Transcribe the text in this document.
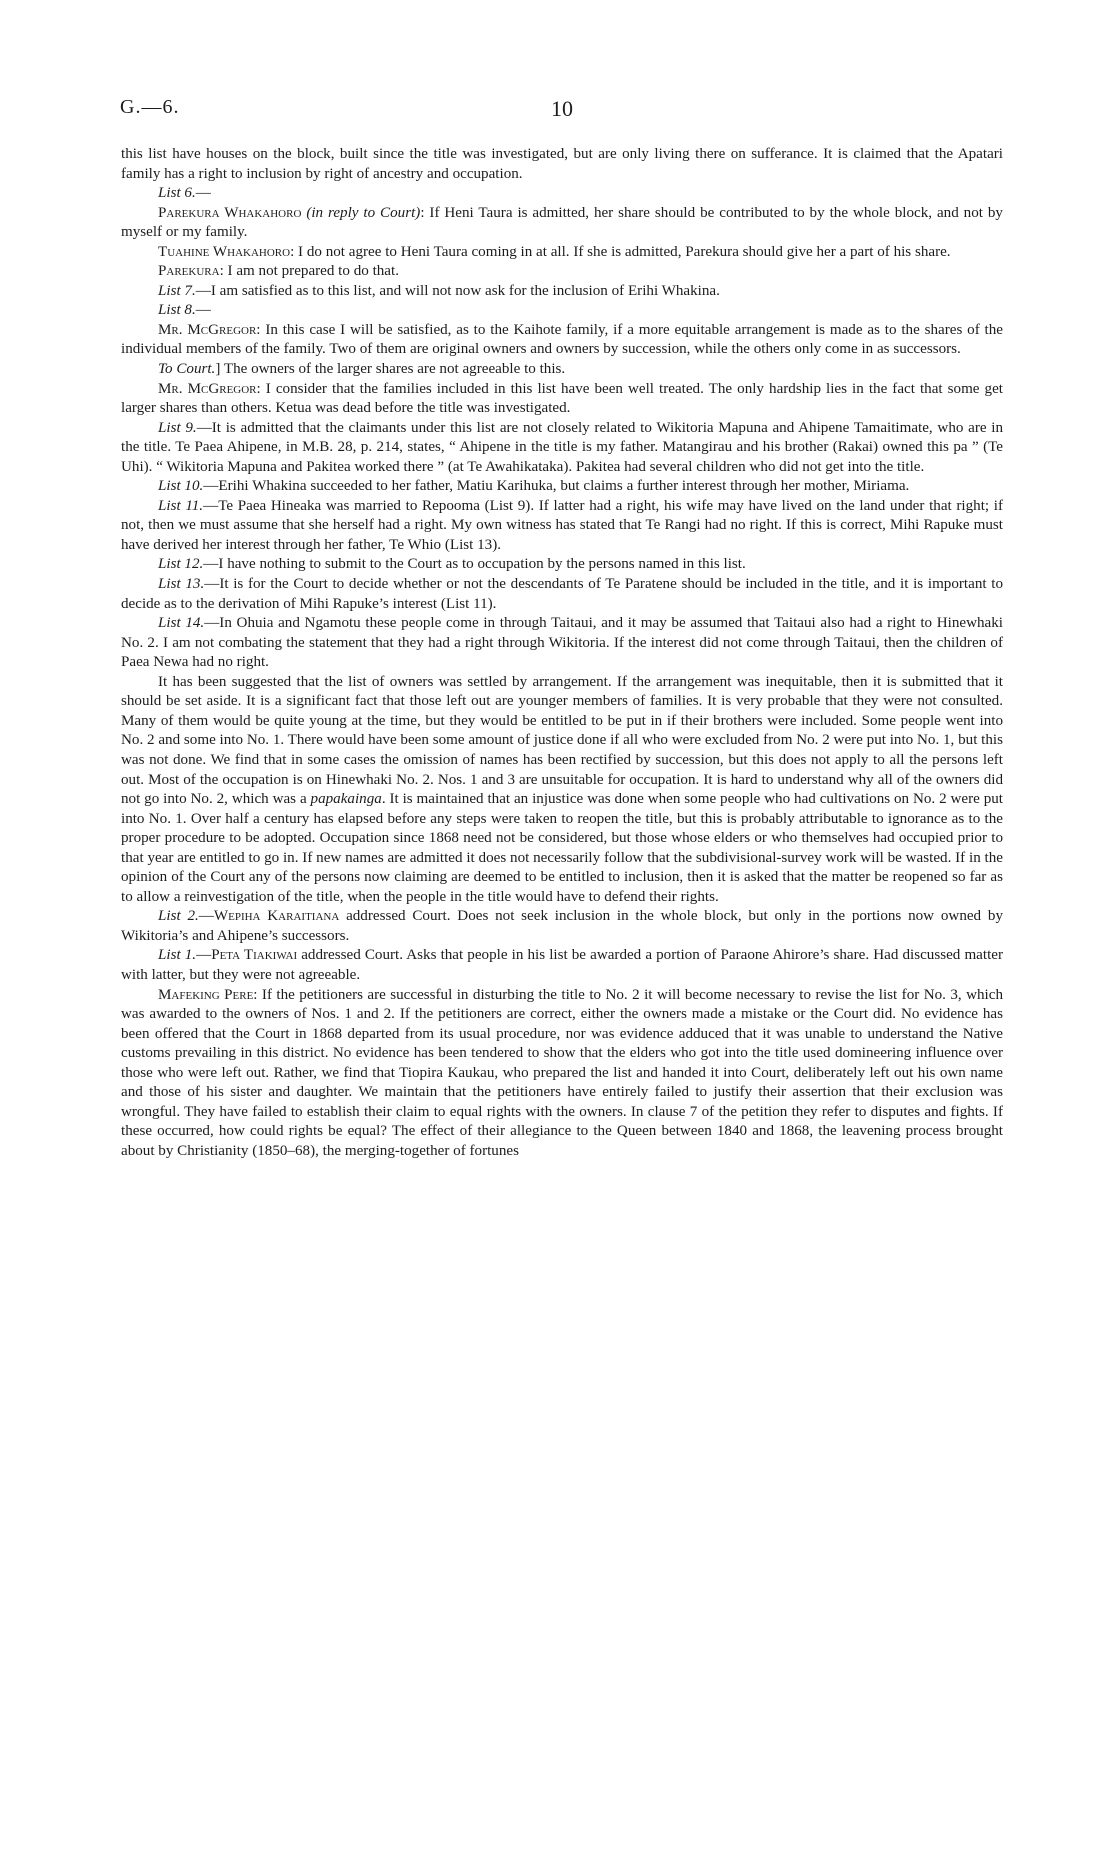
G.—6.	10

this list have houses on the block, built since the title was investigated, but are only living there on sufferance. It is claimed that the Apatari family has a right to inclusion by right of ancestry and occupation.

List 6.—

Parekura Whakahoro (in reply to Court): If Heni Taura is admitted, her share should be contributed to by the whole block, and not by myself or my family.

Tuahine Whakahoro: I do not agree to Heni Taura coming in at all. If she is admitted, Parekura should give her a part of his share.

Parekura: I am not prepared to do that.

List 7.—I am satisfied as to this list, and will not now ask for the inclusion of Erihi Whakina.

List 8.—

Mr. McGregor: In this case I will be satisfied, as to the Kaihote family, if a more equitable arrangement is made as to the shares of the individual members of the family. Two of them are original owners and owners by succession, while the others only come in as successors.

To Court.] The owners of the larger shares are not agreeable to this.

Mr. McGregor: I consider that the families included in this list have been well treated. The only hardship lies in the fact that some get larger shares than others. Ketua was dead before the title was investigated.

List 9.—It is admitted that the claimants under this list are not closely related to Wikitoria Mapuna and Ahipene Tamaitimate, who are in the title. Te Paea Ahipene, in M.B. 28, p. 214, states, “ Ahipene in the title is my father. Matangirau and his brother (Rakai) owned this pa ” (Te Uhi). “ Wikitoria Mapuna and Pakitea worked there ” (at Te Awahikataka). Pakitea had several children who did not get into the title.

List 10.—Erihi Whakina succeeded to her father, Matiu Karihuka, but claims a further interest through her mother, Miriama.

List 11.—Te Paea Hineaka was married to Repooma (List 9). If latter had a right, his wife may have lived on the land under that right; if not, then we must assume that she herself had a right. My own witness has stated that Te Rangi had no right. If this is correct, Mihi Rapuke must have derived her interest through her father, Te Whio (List 13).

List 12.—I have nothing to submit to the Court as to occupation by the persons named in this list.

List 13.—It is for the Court to decide whether or not the descendants of Te Paratene should be included in the title, and it is important to decide as to the derivation of Mihi Rapuke’s interest (List 11).

List 14.—In Ohuia and Ngamotu these people come in through Taitaui, and it may be assumed that Taitaui also had a right to Hinewhaki No. 2. I am not combating the statement that they had a right through Wikitoria. If the interest did not come through Taitaui, then the children of Paea Newa had no right.

It has been suggested that the list of owners was settled by arrangement. If the arrangement was inequitable, then it is submitted that it should be set aside. It is a significant fact that those left out are younger members of families. It is very probable that they were not consulted. Many of them would be quite young at the time, but they would be entitled to be put in if their brothers were included. Some people went into No. 2 and some into No. 1. There would have been some amount of justice done if all who were excluded from No. 2 were put into No. 1, but this was not done. We find that in some cases the omission of names has been rectified by succession, but this does not apply to all the persons left out. Most of the occupation is on Hinewhaki No. 2. Nos. 1 and 3 are unsuitable for occupation. It is hard to understand why all of the owners did not go into No. 2, which was a papakainga. It is maintained that an injustice was done when some people who had cultivations on No. 2 were put into No. 1. Over half a century has elapsed before any steps were taken to reopen the title, but this is probably attributable to ignorance as to the proper procedure to be adopted. Occupation since 1868 need not be considered, but those whose elders or who themselves had occupied prior to that year are entitled to go in. If new names are admitted it does not necessarily follow that the subdivisional-survey work will be wasted. If in the opinion of the Court any of the persons now claiming are deemed to be entitled to inclusion, then it is asked that the matter be reopened so far as to allow a reinvestigation of the title, when the people in the title would have to defend their rights.

List 2.—Wepiha Karaitiana addressed Court. Does not seek inclusion in the whole block, but only in the portions now owned by Wikitoria’s and Ahipene’s successors.

List 1.—Peta Tiakiwai addressed Court. Asks that people in his list be awarded a portion of Paraone Ahirore’s share. Had discussed matter with latter, but they were not agreeable.

Mafeking Pere: If the petitioners are successful in disturbing the title to No. 2 it will become necessary to revise the list for No. 3, which was awarded to the owners of Nos. 1 and 2. If the petitioners are correct, either the owners made a mistake or the Court did. No evidence has been offered that the Court in 1868 departed from its usual procedure, nor was evidence adduced that it was unable to understand the Native customs prevailing in this district. No evidence has been tendered to show that the elders who got into the title used domineering influence over those who were left out. Rather, we find that Tiopira Kaukau, who prepared the list and handed it into Court, deliberately left out his own name and those of his sister and daughter. We maintain that the petitioners have entirely failed to justify their assertion that their exclusion was wrongful. They have failed to establish their claim to equal rights with the owners. In clause 7 of the petition they refer to disputes and fights. If these occurred, how could rights be equal? The effect of their allegiance to the Queen between 1840 and 1868, the leavening process brought about by Christianity (1850–68), the merging-together of fortunes
